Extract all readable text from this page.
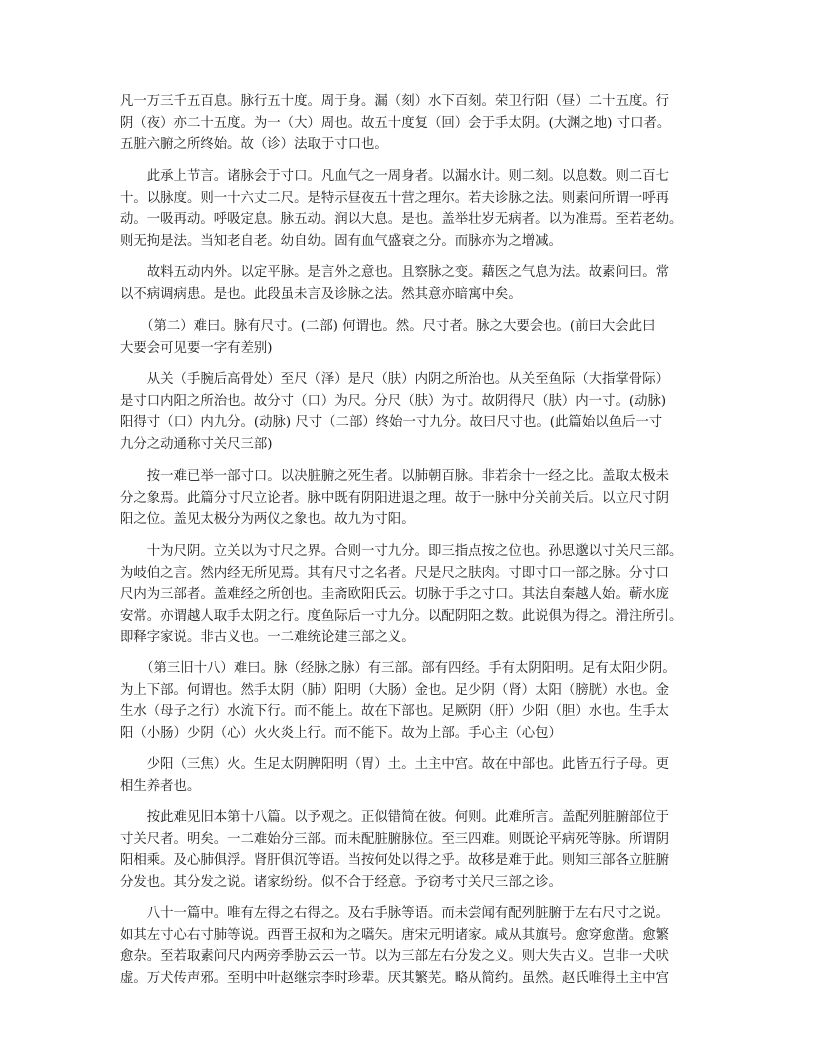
凡一万三千五百息。脉行五十度。周于身。漏（刻）水下百刻。荣卫行阳（昼）二十五度。行
阴（夜）亦二十五度。为一（大）周也。故五十度复（回）会于手太阴。(大渊之地) 寸口者。
五脏六腑之所终始。故（诊）法取于寸口也。
　　此承上节言。诸脉会于寸口。凡血气之一周身者。以漏水计。则二刻。以息数。则二百七
十。以脉度。则一十六丈二尺。是特示昼夜五十营之理尔。若夫诊脉之法。则素问所谓一呼再
动。一吸再动。呼吸定息。脉五动。润以大息。是也。盖举壮岁无病者。以为准焉。至若老幼。
则无拘是法。当知老自老。幼自幼。固有血气盛衰之分。而脉亦为之增减。
　　故料五动内外。以定平脉。是言外之意也。且察脉之变。藉医之气息为法。故素问曰。常
以不病调病患。是也。此段虽未言及诊脉之法。然其意亦暗寓中矣。
　　（第二）难曰。脉有尺寸。(二部) 何谓也。然。尺寸者。脉之大要会也。(前曰大会此曰
大要会可见要一字有差别)
　　从关（手腕后高骨处）至尺（泽）是尺（肤）内阴之所治也。从关至鱼际（大指掌骨际）
是寸口内阳之所治也。故分寸（口）为尺。分尺（肤）为寸。故阴得尺（肤）内一寸。(动脉)
阳得寸（口）内九分。(动脉) 尺寸（二部）终始一寸九分。故曰尺寸也。(此篇始以鱼后一寸
九分之动通称寸关尺三部)
　　按一难已举一部寸口。以决脏腑之死生者。以肺朝百脉。非若余十一经之比。盖取太极未
分之象焉。此篇分寸尺立论者。脉中既有阴阳进退之理。故于一脉中分关前关后。以立尺寸阴
阳之位。盖见太极分为两仪之象也。故九为寸阳。
　　十为尺阴。立关以为寸尺之界。合则一寸九分。即三指点按之位也。孙思邈以寸关尺三部。
为岐伯之言。然内经无所见焉。其有尺寸之名者。尺是尺之肤肉。寸即寸口一部之脉。分寸口
尺内为三部者。盖难经之所创也。圭斋欧阳氏云。切脉于手之寸口。其法自秦越人始。蕲水庞
安常。亦谓越人取手太阴之行。度鱼际后一寸九分。以配阴阳之数。此说俱为得之。滑注所引。
即释字家说。非古义也。一二难统论建三部之义。
　　（第三旧十八）难曰。脉（经脉之脉）有三部。部有四经。手有太阴阳明。足有太阳少阴。
为上下部。何谓也。然手太阴（肺）阳明（大肠）金也。足少阴（肾）太阳（膀胱）水也。金
生水（母子之行）水流下行。而不能上。故在下部也。足厥阴（肝）少阳（胆）水也。生手太
阳（小肠）少阴（心）火火炎上行。而不能下。故为上部。手心主（心包）
　　少阳（三焦）火。生足太阴脾阳明（胃）土。土主中宫。故在中部也。此皆五行子母。更
相生养者也。
　　按此难见旧本第十八篇。以予观之。正似错简在彼。何则。此难所言。盖配列脏腑部位于
寸关尺者。明矣。一二难始分三部。而未配脏腑脉位。至三四难。则既论平病死等脉。所谓阴
阳相乘。及心肺俱浮。肾肝俱沉等语。当按何处以得之乎。故移是难于此。则知三部各立脏腑
分发也。其分发之说。诸家纷纷。似不合于经意。予窃考寸关尺三部之诊。
　　八十一篇中。唯有左得之右得之。及右手脉等语。而未尝闻有配列脏腑于左右尺寸之说。
如其左寸心右寸肺等说。西晋王叔和为之嚆矢。唐宋元明诸家。咸从其旗号。愈穿愈凿。愈繁
愈杂。至若取素问尺内两旁季胁云云一节。以为三部左右分发之义。则大失古义。岂非一犬吠
虚。万犬传声邪。至明中叶赵继宗李时珍辈。厌其繁芜。略从简约。虽然。赵氏唯得土主中宫
